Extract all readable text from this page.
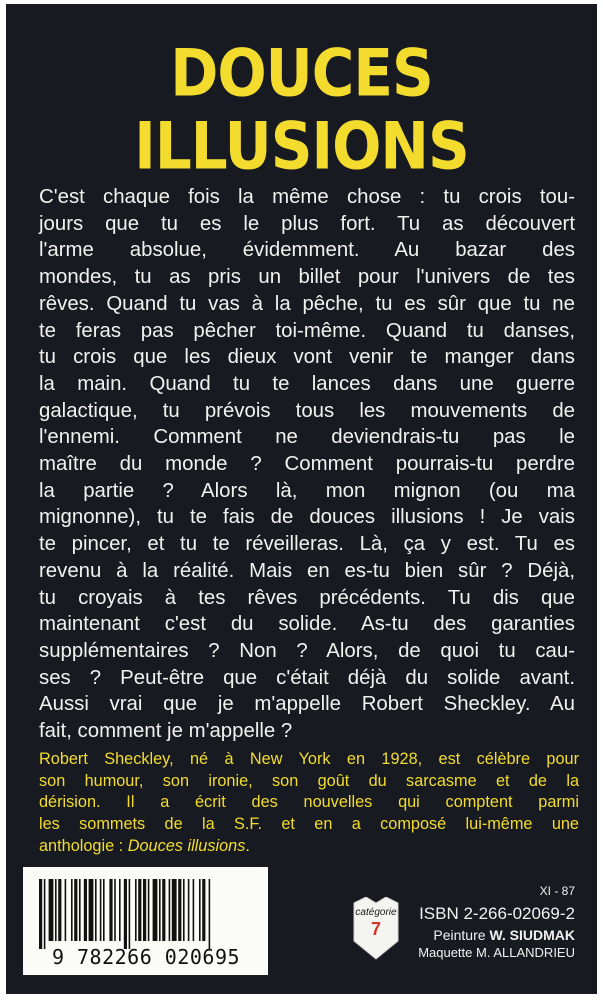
DOUCES
ILLUSIONS
C'est chaque fois la même chose : tu crois tou-
jours que tu es le plus fort. Tu as découvert
l'arme absolue, évidemment. Au bazar des
mondes, tu as pris un billet pour l'univers de tes
rêves. Quand tu vas à la pêche, tu es sûr que tu ne
te feras pas pêcher toi-même. Quand tu danses,
tu crois que les dieux vont venir te manger dans
la main. Quand tu te lances dans une guerre
galactique, tu prévois tous les mouvements de
l'ennemi. Comment ne deviendrais-tu pas le
maître du monde ? Comment pourrais-tu perdre
la partie ? Alors là, mon mignon (ou ma
mignonne), tu te fais de douces illusions ! Je vais
te pincer, et tu te réveilleras. Là, ça y est. Tu es
revenu à la réalité. Mais en es-tu bien sûr ? Déjà,
tu croyais à tes rêves précédents. Tu dis que
maintenant c'est du solide. As-tu des garanties
supplémentaires ? Non ? Alors, de quoi tu cau-
ses ? Peut-être que c'était déjà du solide avant.
Aussi vrai que je m'appelle Robert Sheckley. Au
fait, comment je m'appelle ?
Robert Sheckley, né à New York en 1928, est célèbre pour
son humour, son ironie, son goût du sarcasme et de la
dérision. Il a écrit des nouvelles qui comptent parmi
les sommets de la S.F. et en a composé lui-même une
anthologie : Douces illusions.
9 782266 020695
catégorie
7
XI - 87
ISBN 2-266-02069-2
Peinture W. SIUDMAK
Maquette M. ALLANDRIEU
